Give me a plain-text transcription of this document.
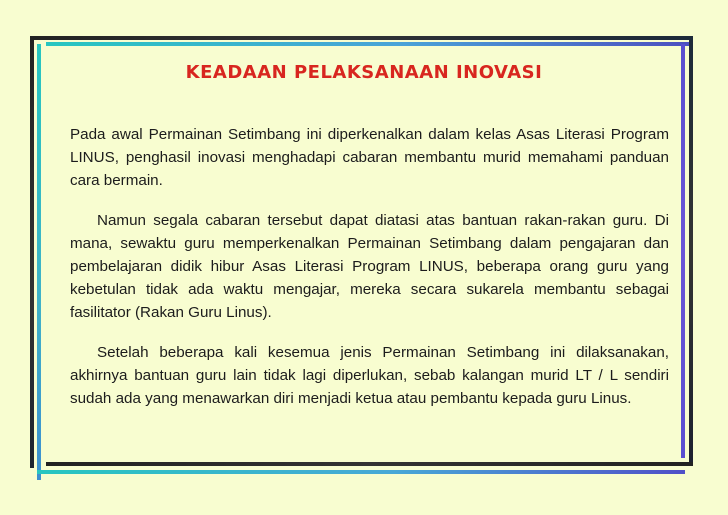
KEADAAN PELAKSANAAN INOVASI

Pada awal Permainan Setimbang ini diperkenalkan dalam kelas Asas Literasi Program LINUS, penghasil inovasi menghadapi cabaran membantu murid memahami panduan cara bermain.

Namun segala cabaran tersebut dapat diatasi atas bantuan rakan-rakan guru. Di mana, sewaktu guru memperkenalkan Permainan Setimbang dalam pengajaran dan pembelajaran didik hibur Asas Literasi Program LINUS, beberapa orang guru yang kebetulan tidak ada waktu mengajar, mereka secara sukarela membantu sebagai fasilitator (Rakan Guru Linus).

Setelah beberapa kali kesemua jenis Permainan Setimbang ini dilaksanakan, akhirnya bantuan guru lain tidak lagi diperlukan, sebab kalangan murid LT / L sendiri sudah ada yang menawarkan diri menjadi ketua atau pembantu kepada guru Linus.
